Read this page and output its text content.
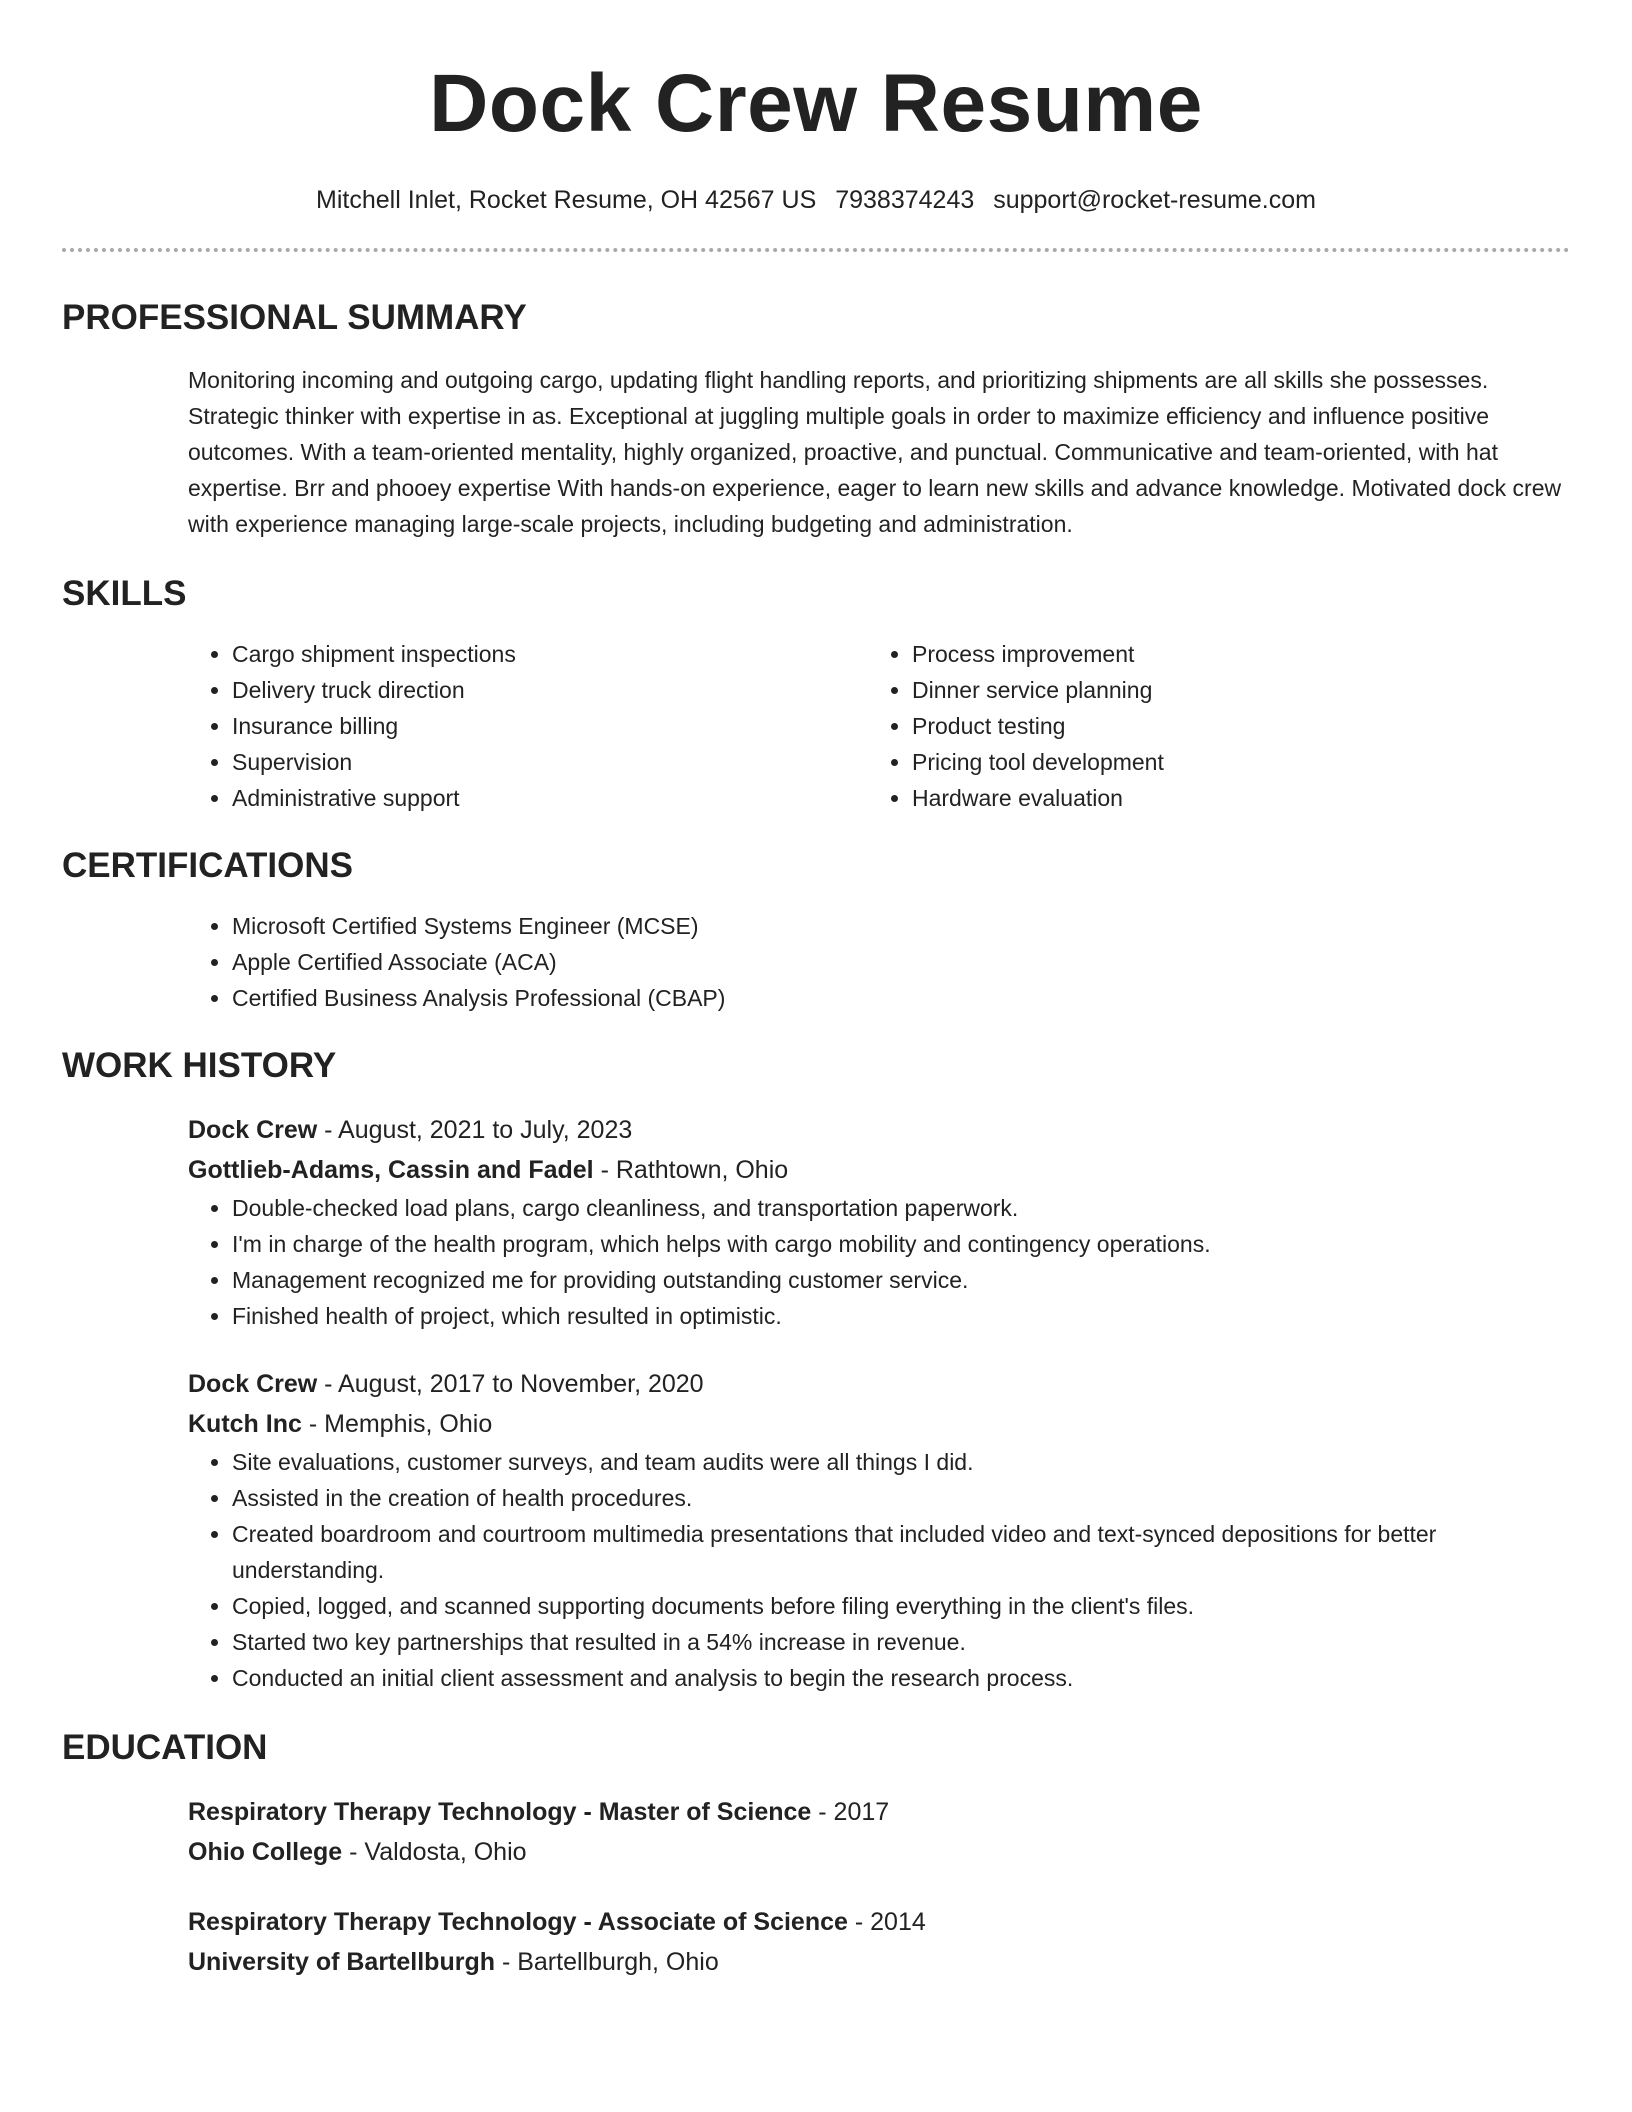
Dock Crew Resume
Mitchell Inlet, Rocket Resume, OH 42567 US 7938374243 support@rocket-resume.com
PROFESSIONAL SUMMARY
Monitoring incoming and outgoing cargo, updating flight handling reports, and prioritizing shipments are all skills she possesses. Strategic thinker with expertise in as. Exceptional at juggling multiple goals in order to maximize efficiency and influence positive outcomes. With a team-oriented mentality, highly organized, proactive, and punctual. Communicative and team-oriented, with hat expertise. Brr and phooey expertise With hands-on experience, eager to learn new skills and advance knowledge. Motivated dock crew with experience managing large-scale projects, including budgeting and administration.
SKILLS
• Cargo shipment inspections
• Delivery truck direction
• Insurance billing
• Supervision
• Administrative support
• Process improvement
• Dinner service planning
• Product testing
• Pricing tool development
• Hardware evaluation
CERTIFICATIONS
• Microsoft Certified Systems Engineer (MCSE)
• Apple Certified Associate (ACA)
• Certified Business Analysis Professional (CBAP)
WORK HISTORY
Dock Crew - August, 2021 to July, 2023
Gottlieb-Adams, Cassin and Fadel - Rathtown, Ohio
• Double-checked load plans, cargo cleanliness, and transportation paperwork.
• I'm in charge of the health program, which helps with cargo mobility and contingency operations.
• Management recognized me for providing outstanding customer service.
• Finished health of project, which resulted in optimistic.
Dock Crew - August, 2017 to November, 2020
Kutch Inc - Memphis, Ohio
• Site evaluations, customer surveys, and team audits were all things I did.
• Assisted in the creation of health procedures.
• Created boardroom and courtroom multimedia presentations that included video and text-synced depositions for better understanding.
• Copied, logged, and scanned supporting documents before filing everything in the client's files.
• Started two key partnerships that resulted in a 54% increase in revenue.
• Conducted an initial client assessment and analysis to begin the research process.
EDUCATION
Respiratory Therapy Technology - Master of Science - 2017
Ohio College - Valdosta, Ohio
Respiratory Therapy Technology - Associate of Science - 2014
University of Bartellburgh - Bartellburgh, Ohio
